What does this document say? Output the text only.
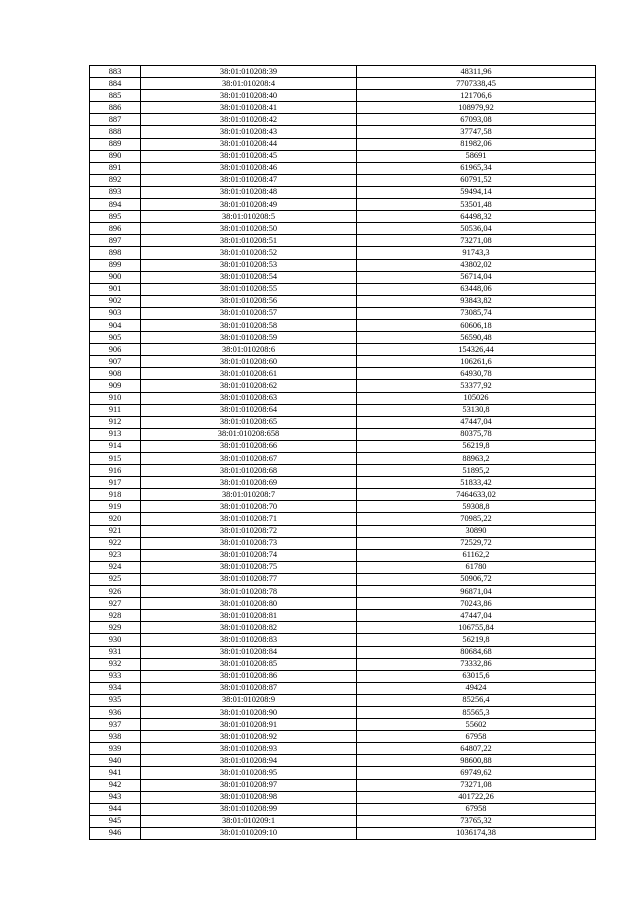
883	38:01:010208:39	48311,96
884	38:01:010208:4	7707338,45
885	38:01:010208:40	121706,6
886	38:01:010208:41	108979,92
887	38:01:010208:42	67093,08
888	38:01:010208:43	37747,58
889	38:01:010208:44	81982,06
890	38:01:010208:45	58691
891	38:01:010208:46	61965,34
892	38:01:010208:47	60791,52
893	38:01:010208:48	59494,14
894	38:01:010208:49	53501,48
895	38:01:010208:5	64498,32
896	38:01:010208:50	50536,04
897	38:01:010208:51	73271,08
898	38:01:010208:52	91743,3
899	38:01:010208:53	43802,02
900	38:01:010208:54	56714,04
901	38:01:010208:55	63448,06
902	38:01:010208:56	93843,82
903	38:01:010208:57	73085,74
904	38:01:010208:58	60606,18
905	38:01:010208:59	56590,48
906	38:01:010208:6	154326,44
907	38:01:010208:60	106261,6
908	38:01:010208:61	64930,78
909	38:01:010208:62	53377,92
910	38:01:010208:63	105026
911	38:01:010208:64	53130,8
912	38:01:010208:65	47447,04
913	38:01:010208:658	80375,78
914	38:01:010208:66	56219,8
915	38:01:010208:67	88963,2
916	38:01:010208:68	51895,2
917	38:01:010208:69	51833,42
918	38:01:010208:7	7464633,02
919	38:01:010208:70	59308,8
920	38:01:010208:71	70985,22
921	38:01:010208:72	30890
922	38:01:010208:73	72529,72
923	38:01:010208:74	61162,2
924	38:01:010208:75	61780
925	38:01:010208:77	50906,72
926	38:01:010208:78	96871,04
927	38:01:010208:80	70243,86
928	38:01:010208:81	47447,04
929	38:01:010208:82	106755,84
930	38:01:010208:83	56219,8
931	38:01:010208:84	80684,68
932	38:01:010208:85	73332,86
933	38:01:010208:86	63015,6
934	38:01:010208:87	49424
935	38:01:010208:9	85256,4
936	38:01:010208:90	85565,3
937	38:01:010208:91	55602
938	38:01:010208:92	67958
939	38:01:010208:93	64807,22
940	38:01:010208:94	98600,88
941	38:01:010208:95	69749,62
942	38:01:010208:97	73271,08
943	38:01:010208:98	401722,26
944	38:01:010208:99	67958
945	38:01:010209:1	73765,32
946	38:01:010209:10	1036174,38
